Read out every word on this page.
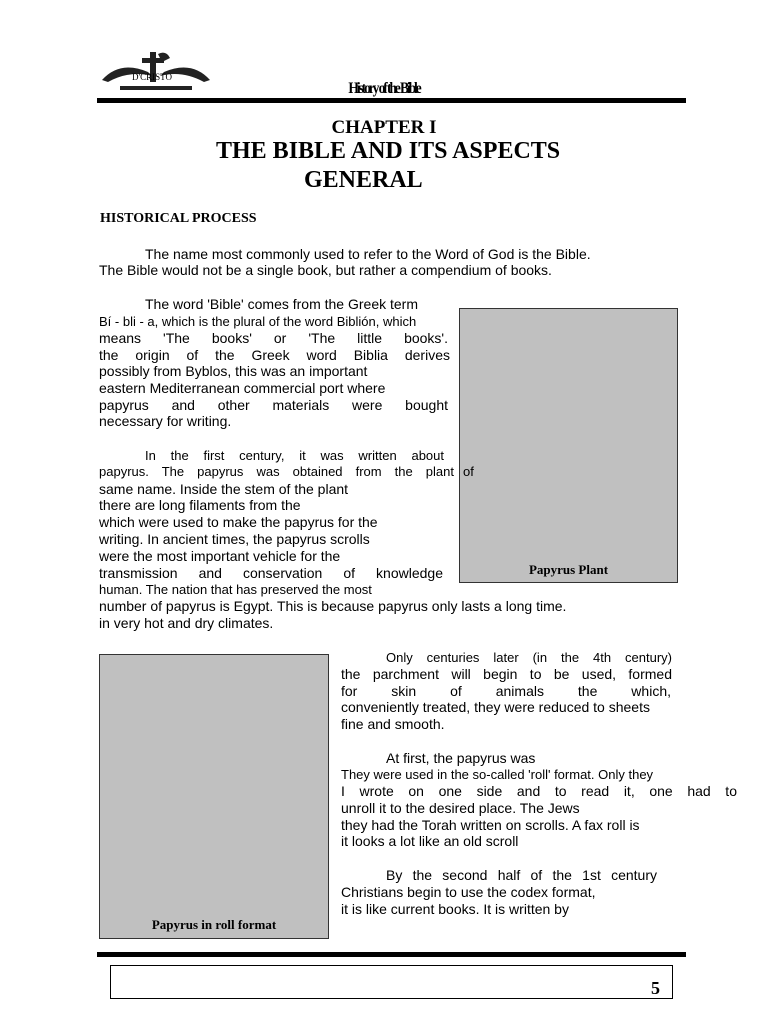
D'CRISTO
History of the Bible
CHAPTER I
THE BIBLE AND ITS ASPECTS
GENERAL
HISTORICAL PROCESS
The name most commonly used to refer to the Word of God is the Bible.
The Bible would not be a single book, but rather a compendium of books.
The word 'Bible' comes from the Greek term
Bí - bli - a, which is the plural of the word Biblión, which
means 'The books' or 'The little books'.
the origin of the Greek word Biblia derives
possibly from Byblos, this was an important
eastern Mediterranean commercial port where
papyrus and other materials were bought
necessary for writing.
Papyrus Plant
In the first century, it was written about
papyrus. The papyrus was obtained from the plant of
same name. Inside the stem of the plant
there are long filaments from the
which were used to make the papyrus for the
writing. In ancient times, the papyrus scrolls
were the most important vehicle for the
transmission and conservation of knowledge
human. The nation that has preserved the most
number of papyrus is Egypt. This is because papyrus only lasts a long time.
in very hot and dry climates.
Papyrus in roll format
Only centuries later (in the 4th century)
the parchment will begin to be used, formed
for skin of animals the which,
conveniently treated, they were reduced to sheets
fine and smooth.
At first, the papyrus was
They were used in the so-called 'roll' format. Only they
I wrote on one side and to read it, one had to
unroll it to the desired place. The Jews
they had the Torah written on scrolls. A fax roll is
it looks a lot like an old scroll
By the second half of the 1st century
Christians begin to use the codex format,
it is like current books. It is written by
5
